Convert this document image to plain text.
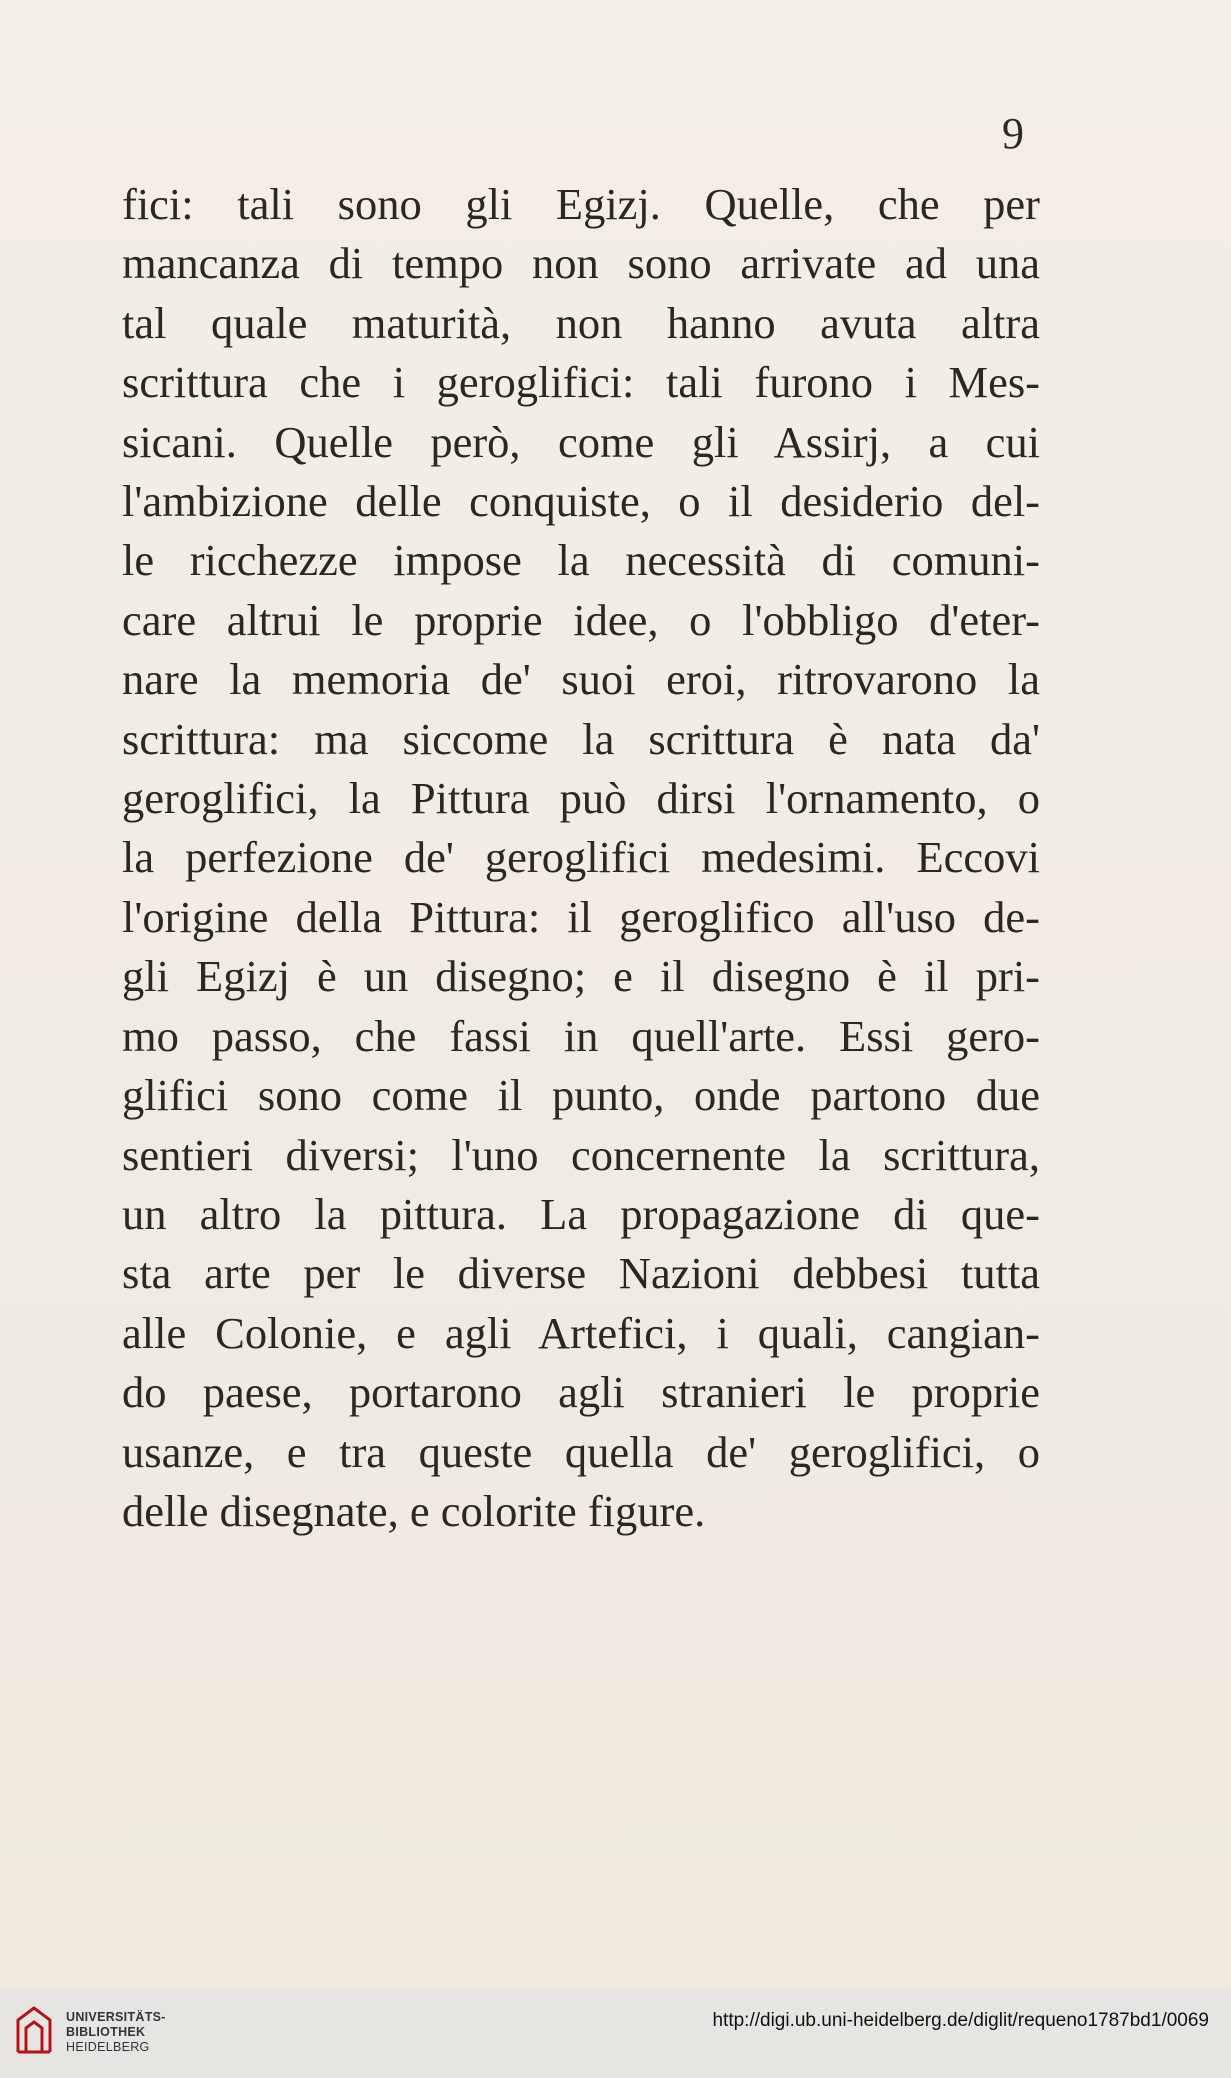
9
fici: tali sono gli Egizj. Quelle, che per
mancanza di tempo non sono arrivate ad una
tal quale maturità, non hanno avuta altra
scrittura che i geroglifici: tali furono i Mes-
sicani. Quelle però, come gli Assirj, a cui
l'ambizione delle conquiste, o il desiderio del-
le ricchezze impose la necessità di comuni-
care altrui le proprie idee, o l'obbligo d'eter-
nare la memoria de' suoi eroi, ritrovarono la
scrittura: ma siccome la scrittura è nata da'
geroglifici, la Pittura può dirsi l'ornamento, o
la perfezione de' geroglifici medesimi. Eccovi
l'origine della Pittura: il geroglifico all'uso de-
gli Egizj è un disegno; e il disegno è il pri-
mo passo, che fassi in quell'arte. Essi gero-
glifici sono come il punto, onde partono due
sentieri diversi; l'uno concernente la scrittura,
un altro la pittura. La propagazione di que-
sta arte per le diverse Nazioni debbesi tutta
alle Colonie, e agli Artefici, i quali, cangian-
do paese, portarono agli stranieri le proprie
usanze, e tra queste quella de' geroglifici, o
delle disegnate, e colorite figure.
UNIVERSITÄTS-
BIBLIOTHEK
HEIDELBERG
http://digi.ub.uni-heidelberg.de/diglit/requeno1787bd1/0069
